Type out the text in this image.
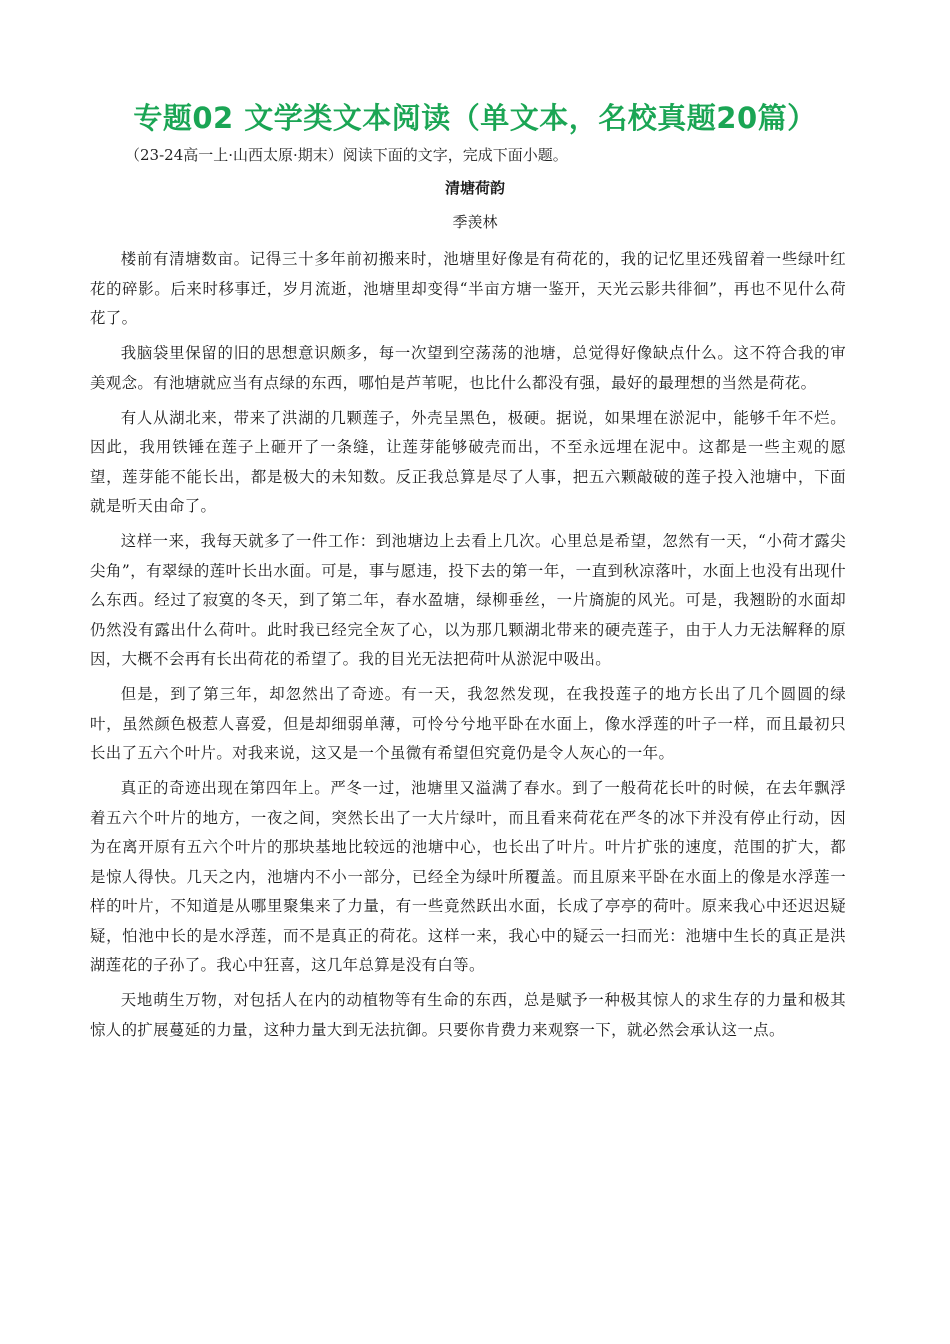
专题02 文学类文本阅读（单文本，名校真题20篇）
（23-24高一上·山西太原·期末）阅读下面的文字，完成下面小题。
清塘荷韵
季羡林

楼前有清塘数亩。记得三十多年前初搬来时，池塘里好像是有荷花的，我的记忆里还残留着一些绿叶红花的碎影。后来时移事迁，岁月流逝，池塘里却变得“半亩方塘一鉴开，天光云影共徘徊”，再也不见什么荷花了。

我脑袋里保留的旧的思想意识颇多，每一次望到空荡荡的池塘，总觉得好像缺点什么。这不符合我的审美观念。有池塘就应当有点绿的东西，哪怕是芦苇呢，也比什么都没有强，最好的最理想的当然是荷花。

有人从湖北来，带来了洪湖的几颗莲子，外壳呈黑色，极硬。据说，如果埋在淤泥中，能够千年不烂。因此，我用铁锤在莲子上砸开了一条缝，让莲芽能够破壳而出，不至永远埋在泥中。这都是一些主观的愿望，莲芽能不能长出，都是极大的未知数。反正我总算是尽了人事，把五六颗敲破的莲子投入池塘中，下面就是听天由命了。

这样一来，我每天就多了一件工作：到池塘边上去看上几次。心里总是希望，忽然有一天，“小荷才露尖尖角”，有翠绿的莲叶长出水面。可是，事与愿违，投下去的第一年，一直到秋凉落叶，水面上也没有出现什么东西。经过了寂寞的冬天，到了第二年，春水盈塘，绿柳垂丝，一片旖旎的风光。可是，我翘盼的水面却仍然没有露出什么荷叶。此时我已经完全灰了心，以为那几颗湖北带来的硬壳莲子，由于人力无法解释的原因，大概不会再有长出荷花的希望了。我的目光无法把荷叶从淤泥中吸出。

但是，到了第三年，却忽然出了奇迹。有一天，我忽然发现，在我投莲子的地方长出了几个圆圆的绿叶，虽然颜色极惹人喜爱，但是却细弱单薄，可怜兮兮地平卧在水面上，像水浮莲的叶子一样，而且最初只长出了五六个叶片。对我来说，这又是一个虽微有希望但究竟仍是令人灰心的一年。

真正的奇迹出现在第四年上。严冬一过，池塘里又溢满了春水。到了一般荷花长叶的时候，在去年飘浮着五六个叶片的地方，一夜之间，突然长出了一大片绿叶，而且看来荷花在严冬的冰下并没有停止行动，因为在离开原有五六个叶片的那块基地比较远的池塘中心，也长出了叶片。叶片扩张的速度，范围的扩大，都是惊人得快。几天之内，池塘内不小一部分，已经全为绿叶所覆盖。而且原来平卧在水面上的像是水浮莲一样的叶片，不知道是从哪里聚集来了力量，有一些竟然跃出水面，长成了亭亭的荷叶。原来我心中还迟迟疑疑，怕池中长的是水浮莲，而不是真正的荷花。这样一来，我心中的疑云一扫而光：池塘中生长的真正是洪湖莲花的子孙了。我心中狂喜，这几年总算是没有白等。

天地萌生万物，对包括人在内的动植物等有生命的东西，总是赋予一种极其惊人的求生存的力量和极其惊人的扩展蔓延的力量，这种力量大到无法抗御。只要你肯费力来观察一下，就必然会承认这一点。
